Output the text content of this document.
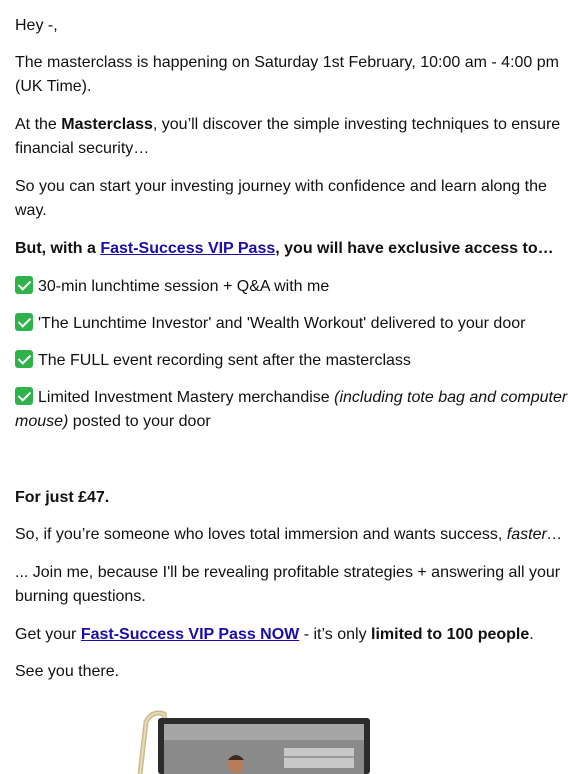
Hey -,

The masterclass is happening on Saturday 1st February, 10:00 am - 4:00 pm (UK Time).

At the Masterclass, you’ll discover the simple investing techniques to ensure financial security…

So you can start your investing journey with confidence and learn along the way.

But, with a Fast-Success VIP Pass, you will have exclusive access to…

30-min lunchtime session + Q&A with me

'The Lunchtime Investor' and 'Wealth Workout' delivered to your door

The FULL event recording sent after the masterclass

Limited Investment Mastery merchandise (including tote bag and computer mouse) posted to your door

For just £47.

So, if you’re someone who loves total immersion and wants success, faster…

... Join me, because I'll be revealing profitable strategies + answering all your burning questions.

Get your Fast-Success VIP Pass NOW - it’s only limited to 100 people.

See you there.
